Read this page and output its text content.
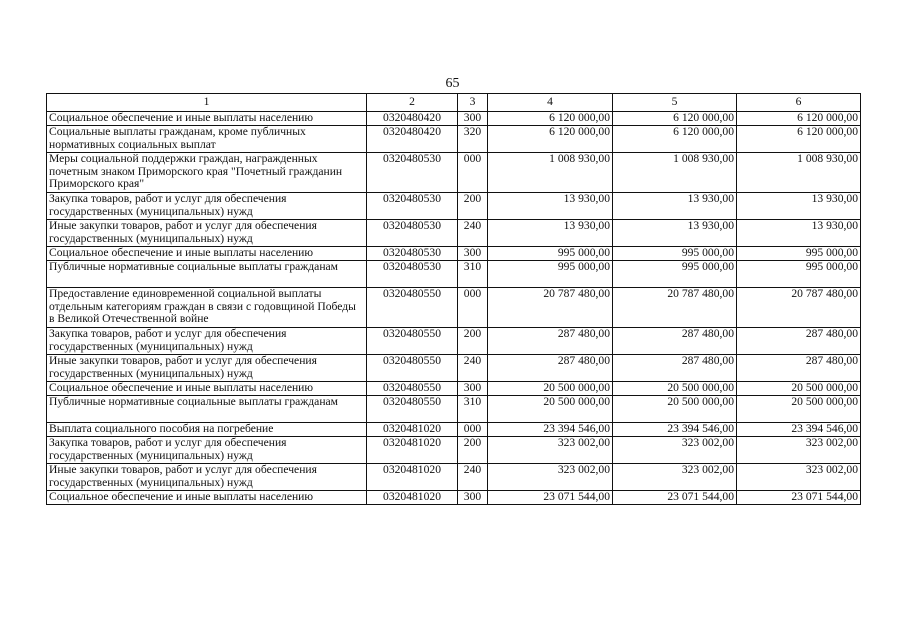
65
1	2	3	4	5	6
Социальное обеспечение и иные выплаты населению	0320480420	300	6 120 000,00	6 120 000,00	6 120 000,00
Социальные выплаты гражданам, кроме публичных нормативных социальных выплат	0320480420	320	6 120 000,00	6 120 000,00	6 120 000,00
Меры социальной поддержки граждан, награжденных почетным знаком Приморского края "Почетный гражданин Приморского края"	0320480530	000	1 008 930,00	1 008 930,00	1 008 930,00
Закупка товаров, работ и услуг для обеспечения государственных (муниципальных) нужд	0320480530	200	13 930,00	13 930,00	13 930,00
Иные закупки товаров, работ и услуг для обеспечения государственных (муниципальных) нужд	0320480530	240	13 930,00	13 930,00	13 930,00
Социальное обеспечение и иные выплаты населению	0320480530	300	995 000,00	995 000,00	995 000,00
Публичные нормативные социальные выплаты гражданам	0320480530	310	995 000,00	995 000,00	995 000,00
Предоставление единовременной социальной выплаты отдельным категориям граждан в связи с годовщиной Победы в Великой Отечественной войне	0320480550	000	20 787 480,00	20 787 480,00	20 787 480,00
Закупка товаров, работ и услуг для обеспечения государственных (муниципальных) нужд	0320480550	200	287 480,00	287 480,00	287 480,00
Иные закупки товаров, работ и услуг для обеспечения государственных (муниципальных) нужд	0320480550	240	287 480,00	287 480,00	287 480,00
Социальное обеспечение и иные выплаты населению	0320480550	300	20 500 000,00	20 500 000,00	20 500 000,00
Публичные нормативные социальные выплаты гражданам	0320480550	310	20 500 000,00	20 500 000,00	20 500 000,00
Выплата социального пособия на погребение	0320481020	000	23 394 546,00	23 394 546,00	23 394 546,00
Закупка товаров, работ и услуг для обеспечения государственных (муниципальных) нужд	0320481020	200	323 002,00	323 002,00	323 002,00
Иные закупки товаров, работ и услуг для обеспечения государственных (муниципальных) нужд	0320481020	240	323 002,00	323 002,00	323 002,00
Социальное обеспечение и иные выплаты населению	0320481020	300	23 071 544,00	23 071 544,00	23 071 544,00
